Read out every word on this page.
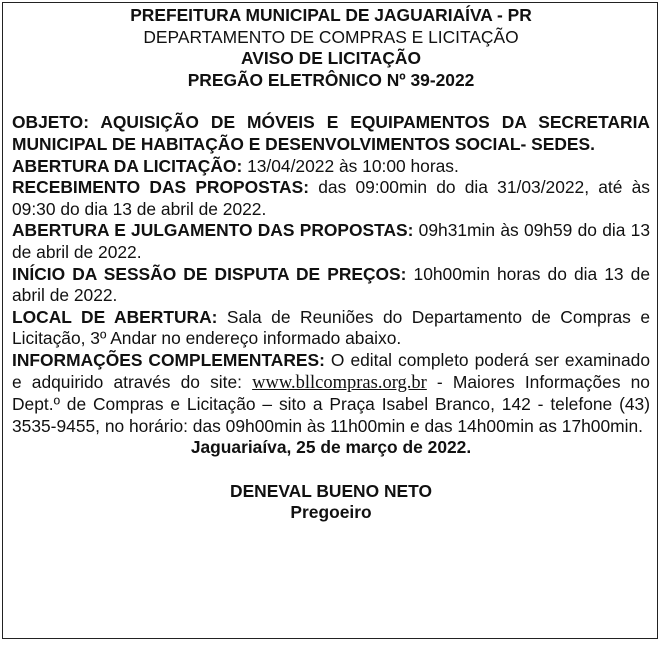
PREFEITURA MUNICIPAL DE JAGUARIAÍVA - PR
DEPARTAMENTO DE COMPRAS E LICITAÇÃO
AVISO DE LICITAÇÃO
PREGÃO ELETRÔNICO Nº 39-2022

OBJETO: AQUISIÇÃO DE MÓVEIS E EQUIPAMENTOS DA SECRETARIA MUNICIPAL DE HABITAÇÃO E DESENVOLVIMENTOS SOCIAL- SEDES.

ABERTURA DA LICITAÇÃO: 13/04/2022 às 10:00 horas.

RECEBIMENTO DAS PROPOSTAS: das 09:00min do dia 31/03/2022, até às 09:30 do dia 13 de abril de 2022.

ABERTURA E JULGAMENTO DAS PROPOSTAS: 09h31min às 09h59 do dia 13 de abril de 2022.

INÍCIO DA SESSÃO DE DISPUTA DE PREÇOS: 10h00min horas do dia 13 de abril de 2022.

LOCAL DE ABERTURA: Sala de Reuniões do Departamento de Compras e Licitação, 3º Andar no endereço informado abaixo.

INFORMAÇÕES COMPLEMENTARES: O edital completo poderá ser examinado e adquirido através do site: www.bllcompras.org.br - Maiores Informações no Dept.º de Compras e Licitação – sito a Praça Isabel Branco, 142 - telefone (43) 3535-9455, no horário: das 09h00min às 11h00min e das 14h00min as 17h00min.

Jaguariaíva, 25 de março de 2022.
DENEVAL BUENO NETO
Pregoeiro
